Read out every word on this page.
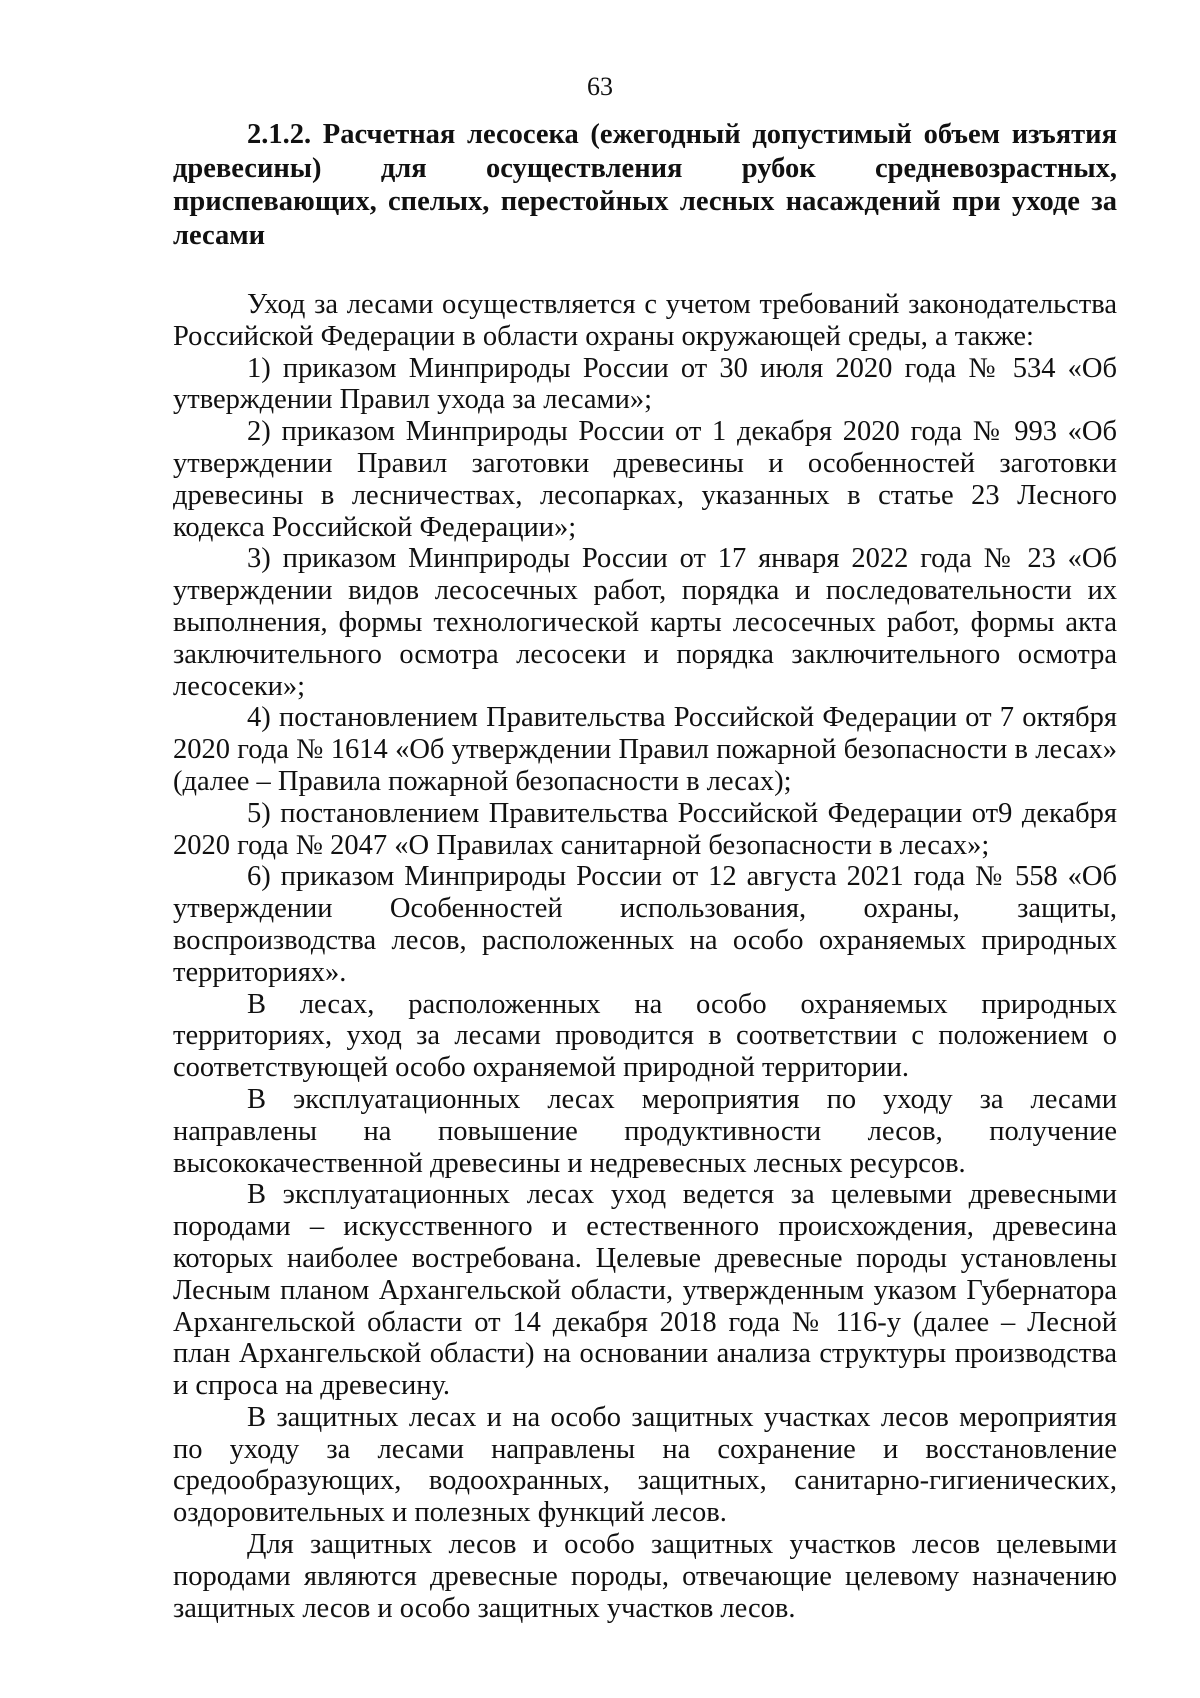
63

2.1.2. Расчетная лесосека (ежегодный допустимый объем изъятия древесины) для осуществления рубок средневозрастных, приспевающих, спелых, перестойных лесных насаждений при уходе за лесами

Уход за лесами осуществляется с учетом требований законодательства Российской Федерации в области охраны окружающей среды, а также:

1) приказом Минприроды России от 30 июля 2020 года № 534 «Об утверждении Правил ухода за лесами»;

2) приказом Минприроды России от 1 декабря 2020 года № 993 «Об утверждении Правил заготовки древесины и особенностей заготовки древесины в лесничествах, лесопарках, указанных в статье 23 Лесного кодекса Российской Федерации»;

3) приказом Минприроды России от 17 января 2022 года № 23 «Об утверждении видов лесосечных работ, порядка и последовательности их выполнения, формы технологической карты лесосечных работ, формы акта заключительного осмотра лесосеки и порядка заключительного осмотра лесосеки»;

4) постановлением Правительства Российской Федерации от 7 октября 2020 года № 1614 «Об утверждении Правил пожарной безопасности в лесах» (далее – Правила пожарной безопасности в лесах);

5) постановлением Правительства Российской Федерации от9 декабря 2020 года № 2047 «О Правилах санитарной безопасности в лесах»;

6) приказом Минприроды России от 12 августа 2021 года № 558 «Об утверждении Особенностей использования, охраны, защиты, воспроизводства лесов, расположенных на особо охраняемых природных территориях».

В лесах, расположенных на особо охраняемых природных территориях, уход за лесами проводится в соответствии с положением о соответствующей особо охраняемой природной территории.

В эксплуатационных лесах мероприятия по уходу за лесами направлены на повышение продуктивности лесов, получение высококачественной древесины и недревесных лесных ресурсов.

В эксплуатационных лесах уход ведется за целевыми древесными породами – искусственного и естественного происхождения, древесина которых наиболее востребована. Целевые древесные породы установлены Лесным планом Архангельской области, утвержденным указом Губернатора Архангельской области от 14 декабря 2018 года № 116-у (далее – Лесной план Архангельской области) на основании анализа структуры производства и спроса на древесину.

В защитных лесах и на особо защитных участках лесов мероприятия по уходу за лесами направлены на сохранение и восстановление средообразующих, водоохранных, защитных, санитарно-гигиенических, оздоровительных и полезных функций лесов.

Для защитных лесов и особо защитных участков лесов целевыми породами являются древесные породы, отвечающие целевому назначению защитных лесов и особо защитных участков лесов.
